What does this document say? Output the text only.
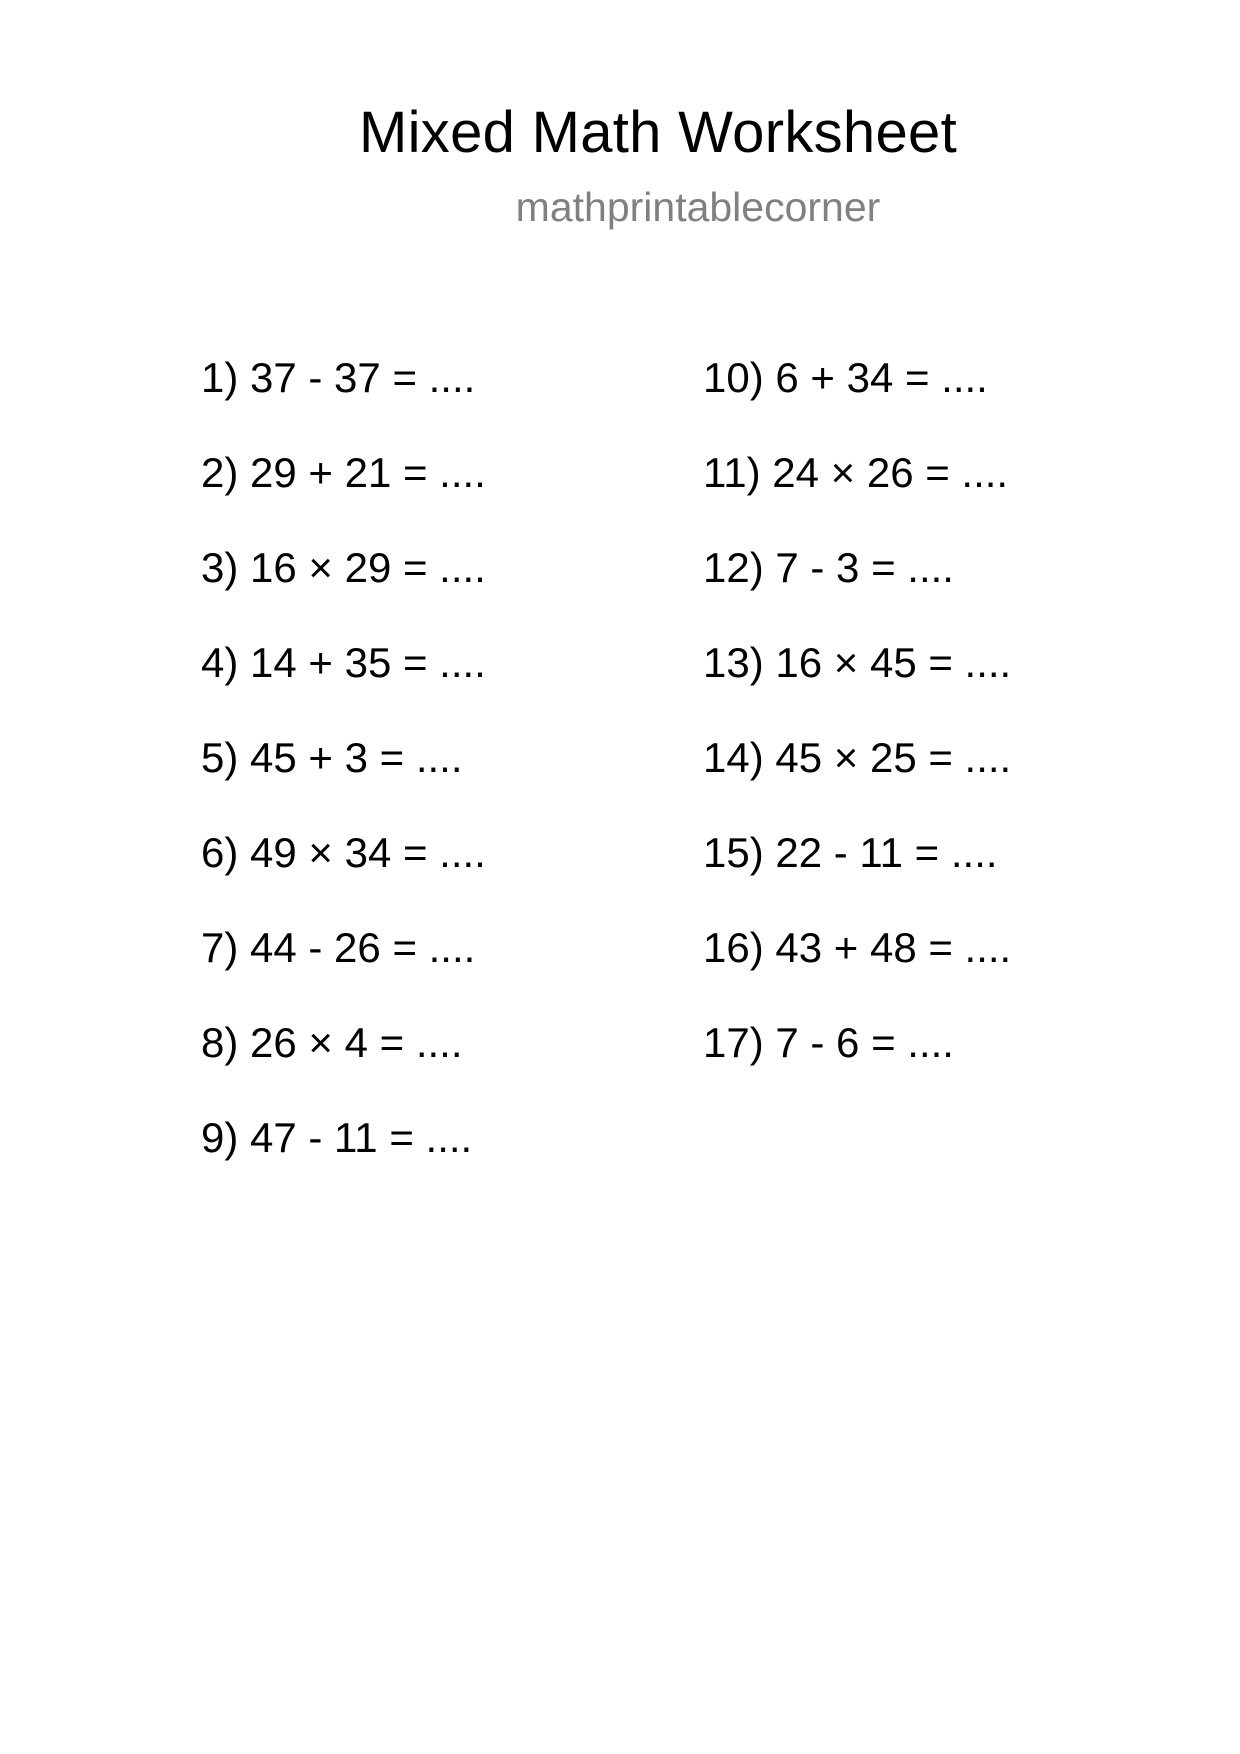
Mixed Math Worksheet
mathprintablecorner
1) 37 - 37 = ....
2) 29 + 21 = ....
3) 16 × 29 = ....
4) 14 + 35 = ....
5) 45 + 3 = ....
6) 49 × 34 = ....
7) 44 - 26 = ....
8) 26 × 4 = ....
9) 47 - 11 = ....
10) 6 + 34 = ....
11) 24 × 26 = ....
12) 7 - 3 = ....
13) 16 × 45 = ....
14) 45 × 25 = ....
15) 22 - 11 = ....
16) 43 + 48 = ....
17) 7 - 6 = ....
